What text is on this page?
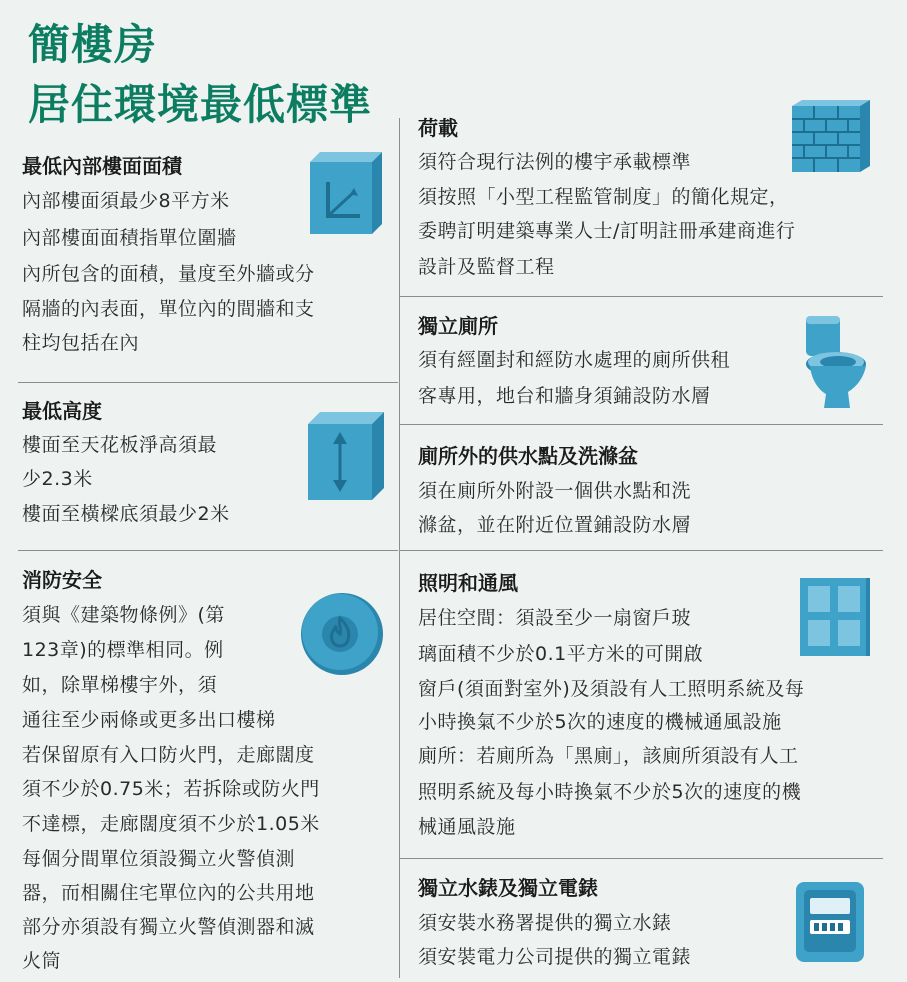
簡樓房
居住環境最低標準
最低內部樓面面積
內部樓面須最少8平方米
內部樓面面積指單位圍牆
內所包含的面積，量度至外牆或分
隔牆的內表面，單位內的間牆和支
柱均包括在內
最低高度
樓面至天花板淨高須最
少2.3米
樓面至橫樑底須最少2米
消防安全
須與《建築物條例》(第
123章)的標準相同。例
如，除單梯樓宇外，須
通往至少兩條或更多出口樓梯
若保留原有入口防火門，走廊闊度
須不少於0.75米；若拆除或防火門
不達標，走廊闊度須不少於1.05米
每個分間單位須設獨立火警偵測
器，而相關住宅單位內的公共用地
部分亦須設有獨立火警偵測器和滅
火筒
荷載
須符合現行法例的樓宇承載標準
須按照「小型工程監管制度」的簡化規定，
委聘訂明建築專業人士/訂明註冊承建商進行
設計及監督工程
獨立廁所
須有經圍封和經防水處理的廁所供租
客專用，地台和牆身須鋪設防水層
廁所外的供水點及洗滌盆
須在廁所外附設一個供水點和洗
滌盆，並在附近位置鋪設防水層
照明和通風
居住空間：須設至少一扇窗戶玻
璃面積不少於0.1平方米的可開啟
窗戶(須面對室外)及須設有人工照明系統及每
小時換氣不少於5次的速度的機械通風設施
廁所：若廁所為「黑廁」，該廁所須設有人工
照明系統及每小時換氣不少於5次的速度的機
械通風設施
獨立水錶及獨立電錶
須安裝水務署提供的獨立水錶
須安裝電力公司提供的獨立電錶
